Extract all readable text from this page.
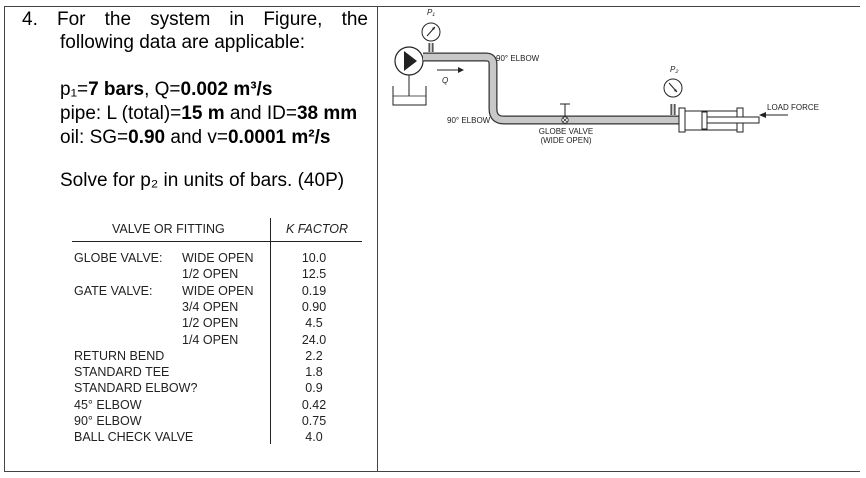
4. For the system in Figure, the
following data are applicable:
p₁=7 bars, Q=0.002 m³/s
pipe: L (total)=15 m and ID=38 mm
oil: SG=0.90 and v=0.0001 m²/s
Solve for p₂ in units of bars. (40P)
VALVE OR FITTING	K FACTOR
GLOBE VALVE: WIDE OPEN	10.0
1/2 OPEN	12.5
GATE VALVE: WIDE OPEN	0.19
3/4 OPEN	0.90
1/2 OPEN	4.5
1/4 OPEN	24.0
RETURN BEND	2.2
STANDARD TEE	1.8
STANDARD ELBOW?	0.9
45° ELBOW	0.42
90° ELBOW	0.75
BALL CHECK VALVE	4.0
P₁
Q
90° ELBOW
90° ELBOW
GLOBE VALVE
(WIDE OPEN)
P₂
LOAD FORCE
